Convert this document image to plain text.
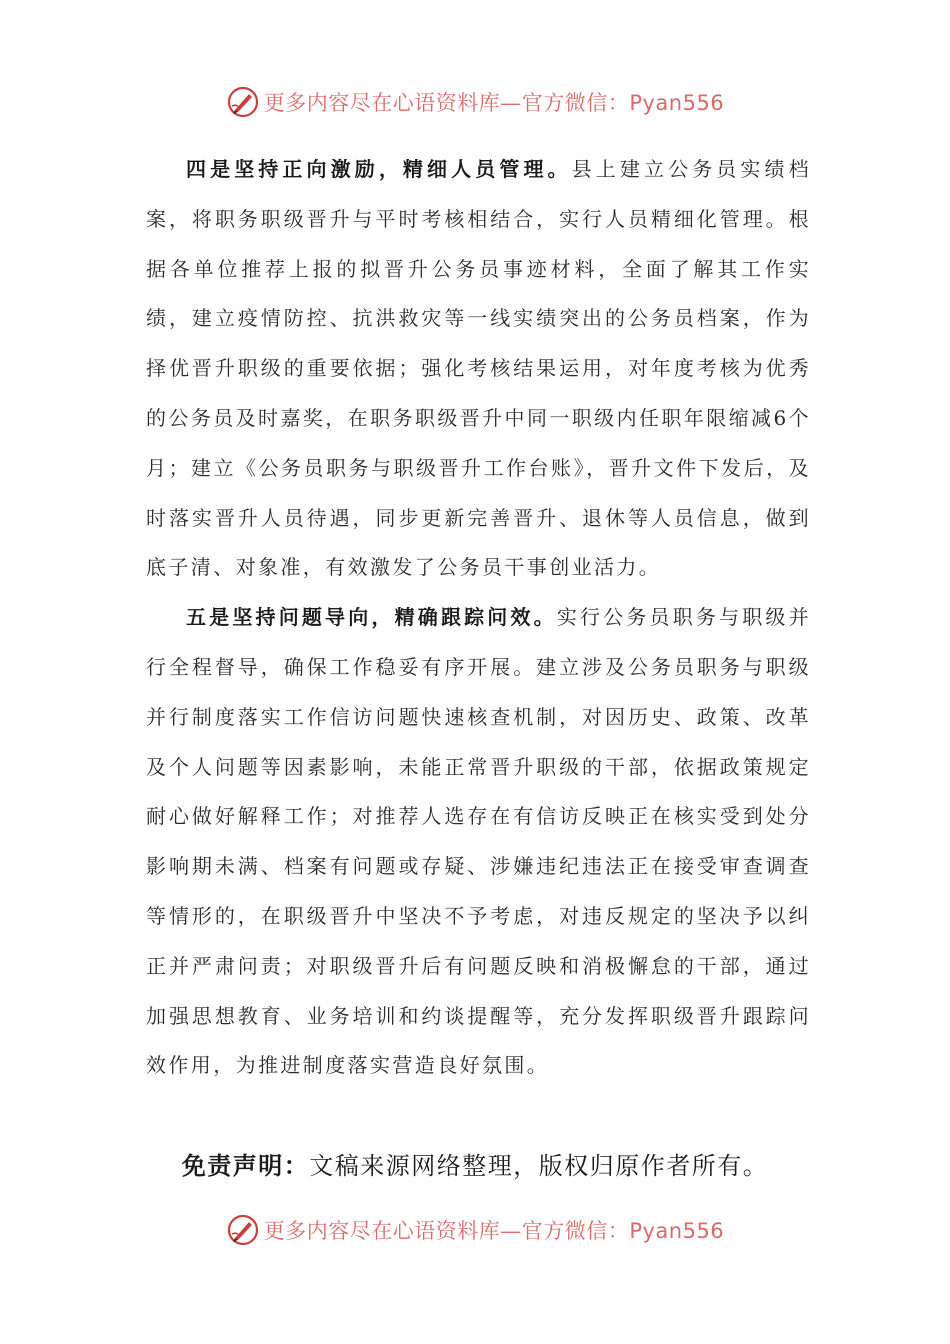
更多内容尽在心语资料库—官方微信：Pyan556

四是坚持正向激励，精细人员管理。县上建立公务员实绩档案，将职务职级晋升与平时考核相结合，实行人员精细化管理。根据各单位推荐上报的拟晋升公务员事迹材料，全面了解其工作实绩，建立疫情防控、抗洪救灾等一线实绩突出的公务员档案，作为择优晋升职级的重要依据；强化考核结果运用，对年度考核为优秀的公务员及时嘉奖，在职务职级晋升中同一职级内任职年限缩减6个月；建立《公务员职务与职级晋升工作台账》，晋升文件下发后，及时落实晋升人员待遇，同步更新完善晋升、退休等人员信息，做到底子清、对象准，有效激发了公务员干事创业活力。

五是坚持问题导向，精确跟踪问效。实行公务员职务与职级并行全程督导，确保工作稳妥有序开展。建立涉及公务员职务与职级并行制度落实工作信访问题快速核查机制，对因历史、政策、改革及个人问题等因素影响，未能正常晋升职级的干部，依据政策规定耐心做好解释工作；对推荐人选存在有信访反映正在核实受到处分影响期未满、档案有问题或存疑、涉嫌违纪违法正在接受审查调查等情形的，在职级晋升中坚决不予考虑，对违反规定的坚决予以纠正并严肃问责；对职级晋升后有问题反映和消极懈怠的干部，通过加强思想教育、业务培训和约谈提醒等，充分发挥职级晋升跟踪问效作用，为推进制度落实营造良好氛围。

免责声明：文稿来源网络整理，版权归原作者所有。
更多内容尽在心语资料库—官方微信：Pyan556
